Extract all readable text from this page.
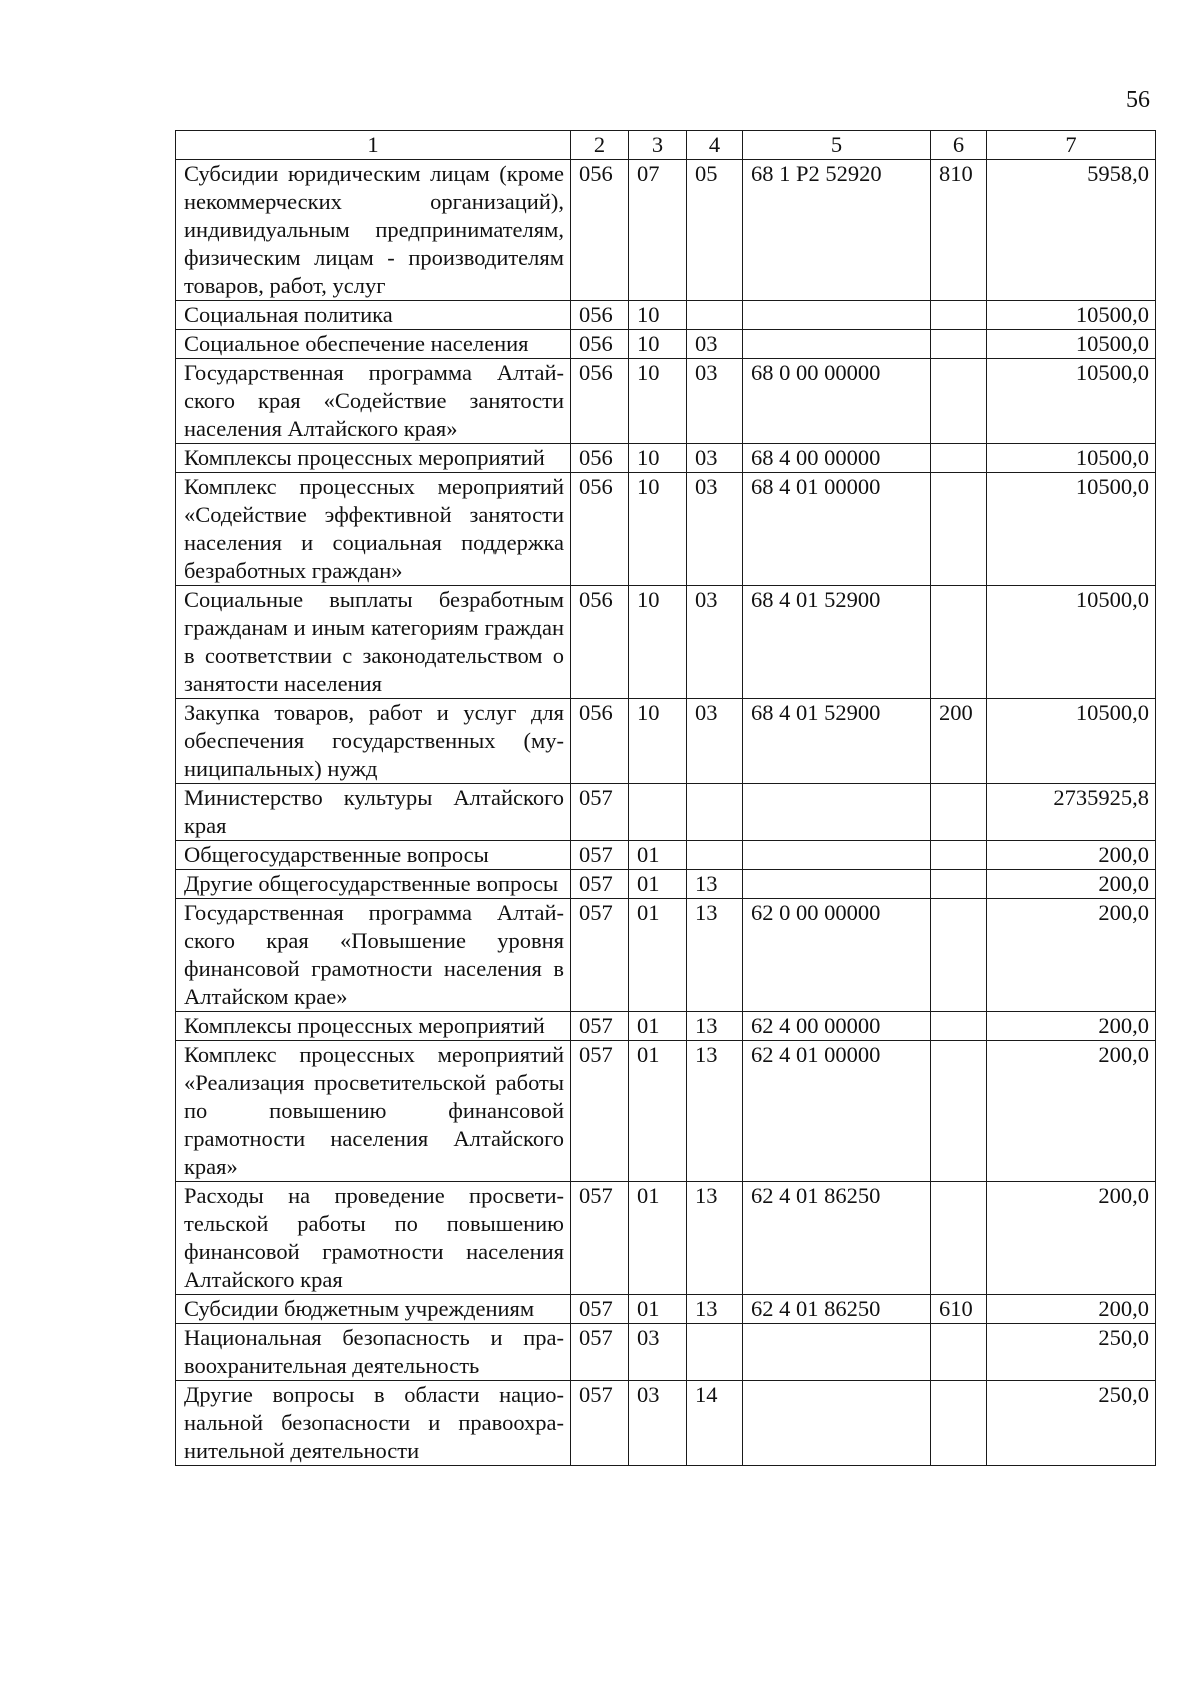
56
1	2	3	4	5	6	7
Субсидии юридическим лицам (кроме некоммерческих организаций), индивидуальным предпринимателям, физическим лицам - производителям товаров, работ, услуг	056	07	05	68 1 Р2 52920	810	5958,0
Социальная политика	056	10				10500,0
Социальное обеспечение населения	056	10	03			10500,0
Государственная программа Алтайского края «Содействие занятости населения Алтайского края»	056	10	03	68 0 00 00000		10500,0
Комплексы процессных мероприятий	056	10	03	68 4 00 00000		10500,0
Комплекс процессных мероприятий «Содействие эффективной занятости населения и социальная поддержка безработных граждан»	056	10	03	68 4 01 00000		10500,0
Социальные выплаты безработным гражданам и иным категориям граждан в соответствии с законодательством о занятости населения	056	10	03	68 4 01 52900		10500,0
Закупка товаров, работ и услуг для обеспечения государственных (муниципальных) нужд	056	10	03	68 4 01 52900	200	10500,0
Министерство культуры Алтайского края	057					2735925,8
Общегосударственные вопросы	057	01				200,0
Другие общегосударственные вопросы	057	01	13			200,0
Государственная программа Алтайского края «Повышение уровня финансовой грамотности населения в Алтайском крае»	057	01	13	62 0 00 00000		200,0
Комплексы процессных мероприятий	057	01	13	62 4 00 00000		200,0
Комплекс процессных мероприятий «Реализация просветительской работы по повышению финансовой грамотности населения Алтайского края»	057	01	13	62 4 01 00000		200,0
Расходы на проведение просветительской работы по повышению финансовой грамотности населения Алтайского края	057	01	13	62 4 01 86250		200,0
Субсидии бюджетным учреждениям	057	01	13	62 4 01 86250	610	200,0
Национальная безопасность и правоохранительная деятельность	057	03				250,0
Другие вопросы в области национальной безопасности и правоохранительной деятельности	057	03	14			250,0
